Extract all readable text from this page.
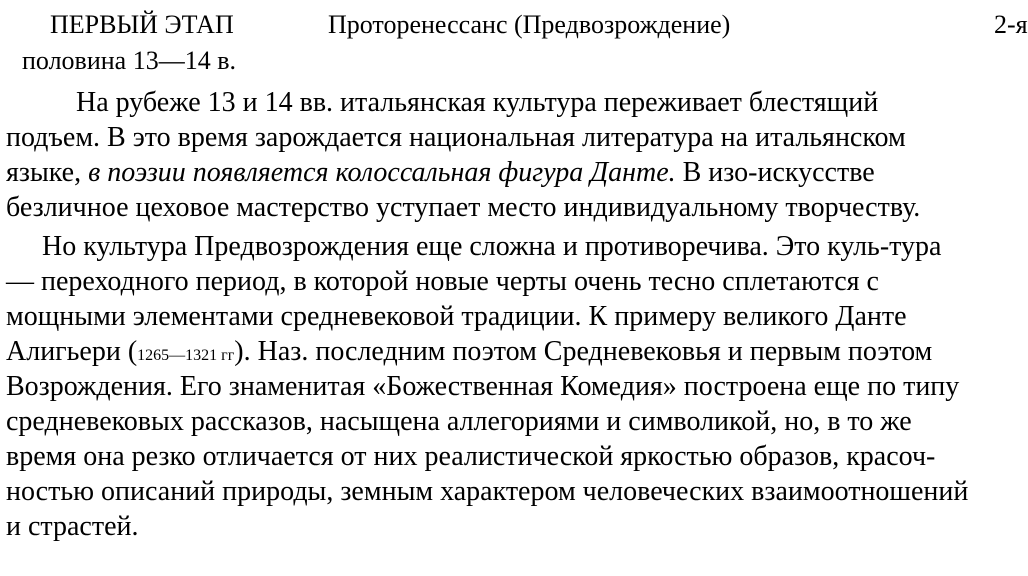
ПЕРВЫЙ ЭТАП	Проторенессанс (Предвозрождение)	2-я
половина 13—14 в.
На рубеже 13 и 14 вв. итальянская культура переживает блестящий
подъем. В это время зарождается национальная литература на итальянском
языке, в поэзии появляется колоссальная фигура Данте. В изо-искусстве
безличное цеховое мастерство уступает место индивидуальному творчеству.
Но культура Предвозрождения еще сложна и противоречива. Это куль-тура
— переходного период, в которой новые черты очень тесно сплетаются с
мощными элементами средневековой традиции. К примеру великого Данте
Алигьери (1265—1321 гг). Наз. последним поэтом Средневековья и первым поэтом
Возрождения. Его знаменитая «Божественная Комедия» построена еще по типу
средневековых рассказов, насыщена аллегориями и символикой, но, в то же
время она резко отличается от них реалистической яркостью образов, красоч-
ностью описаний природы, земным характером человеческих взаимоотношений
и страстей.
